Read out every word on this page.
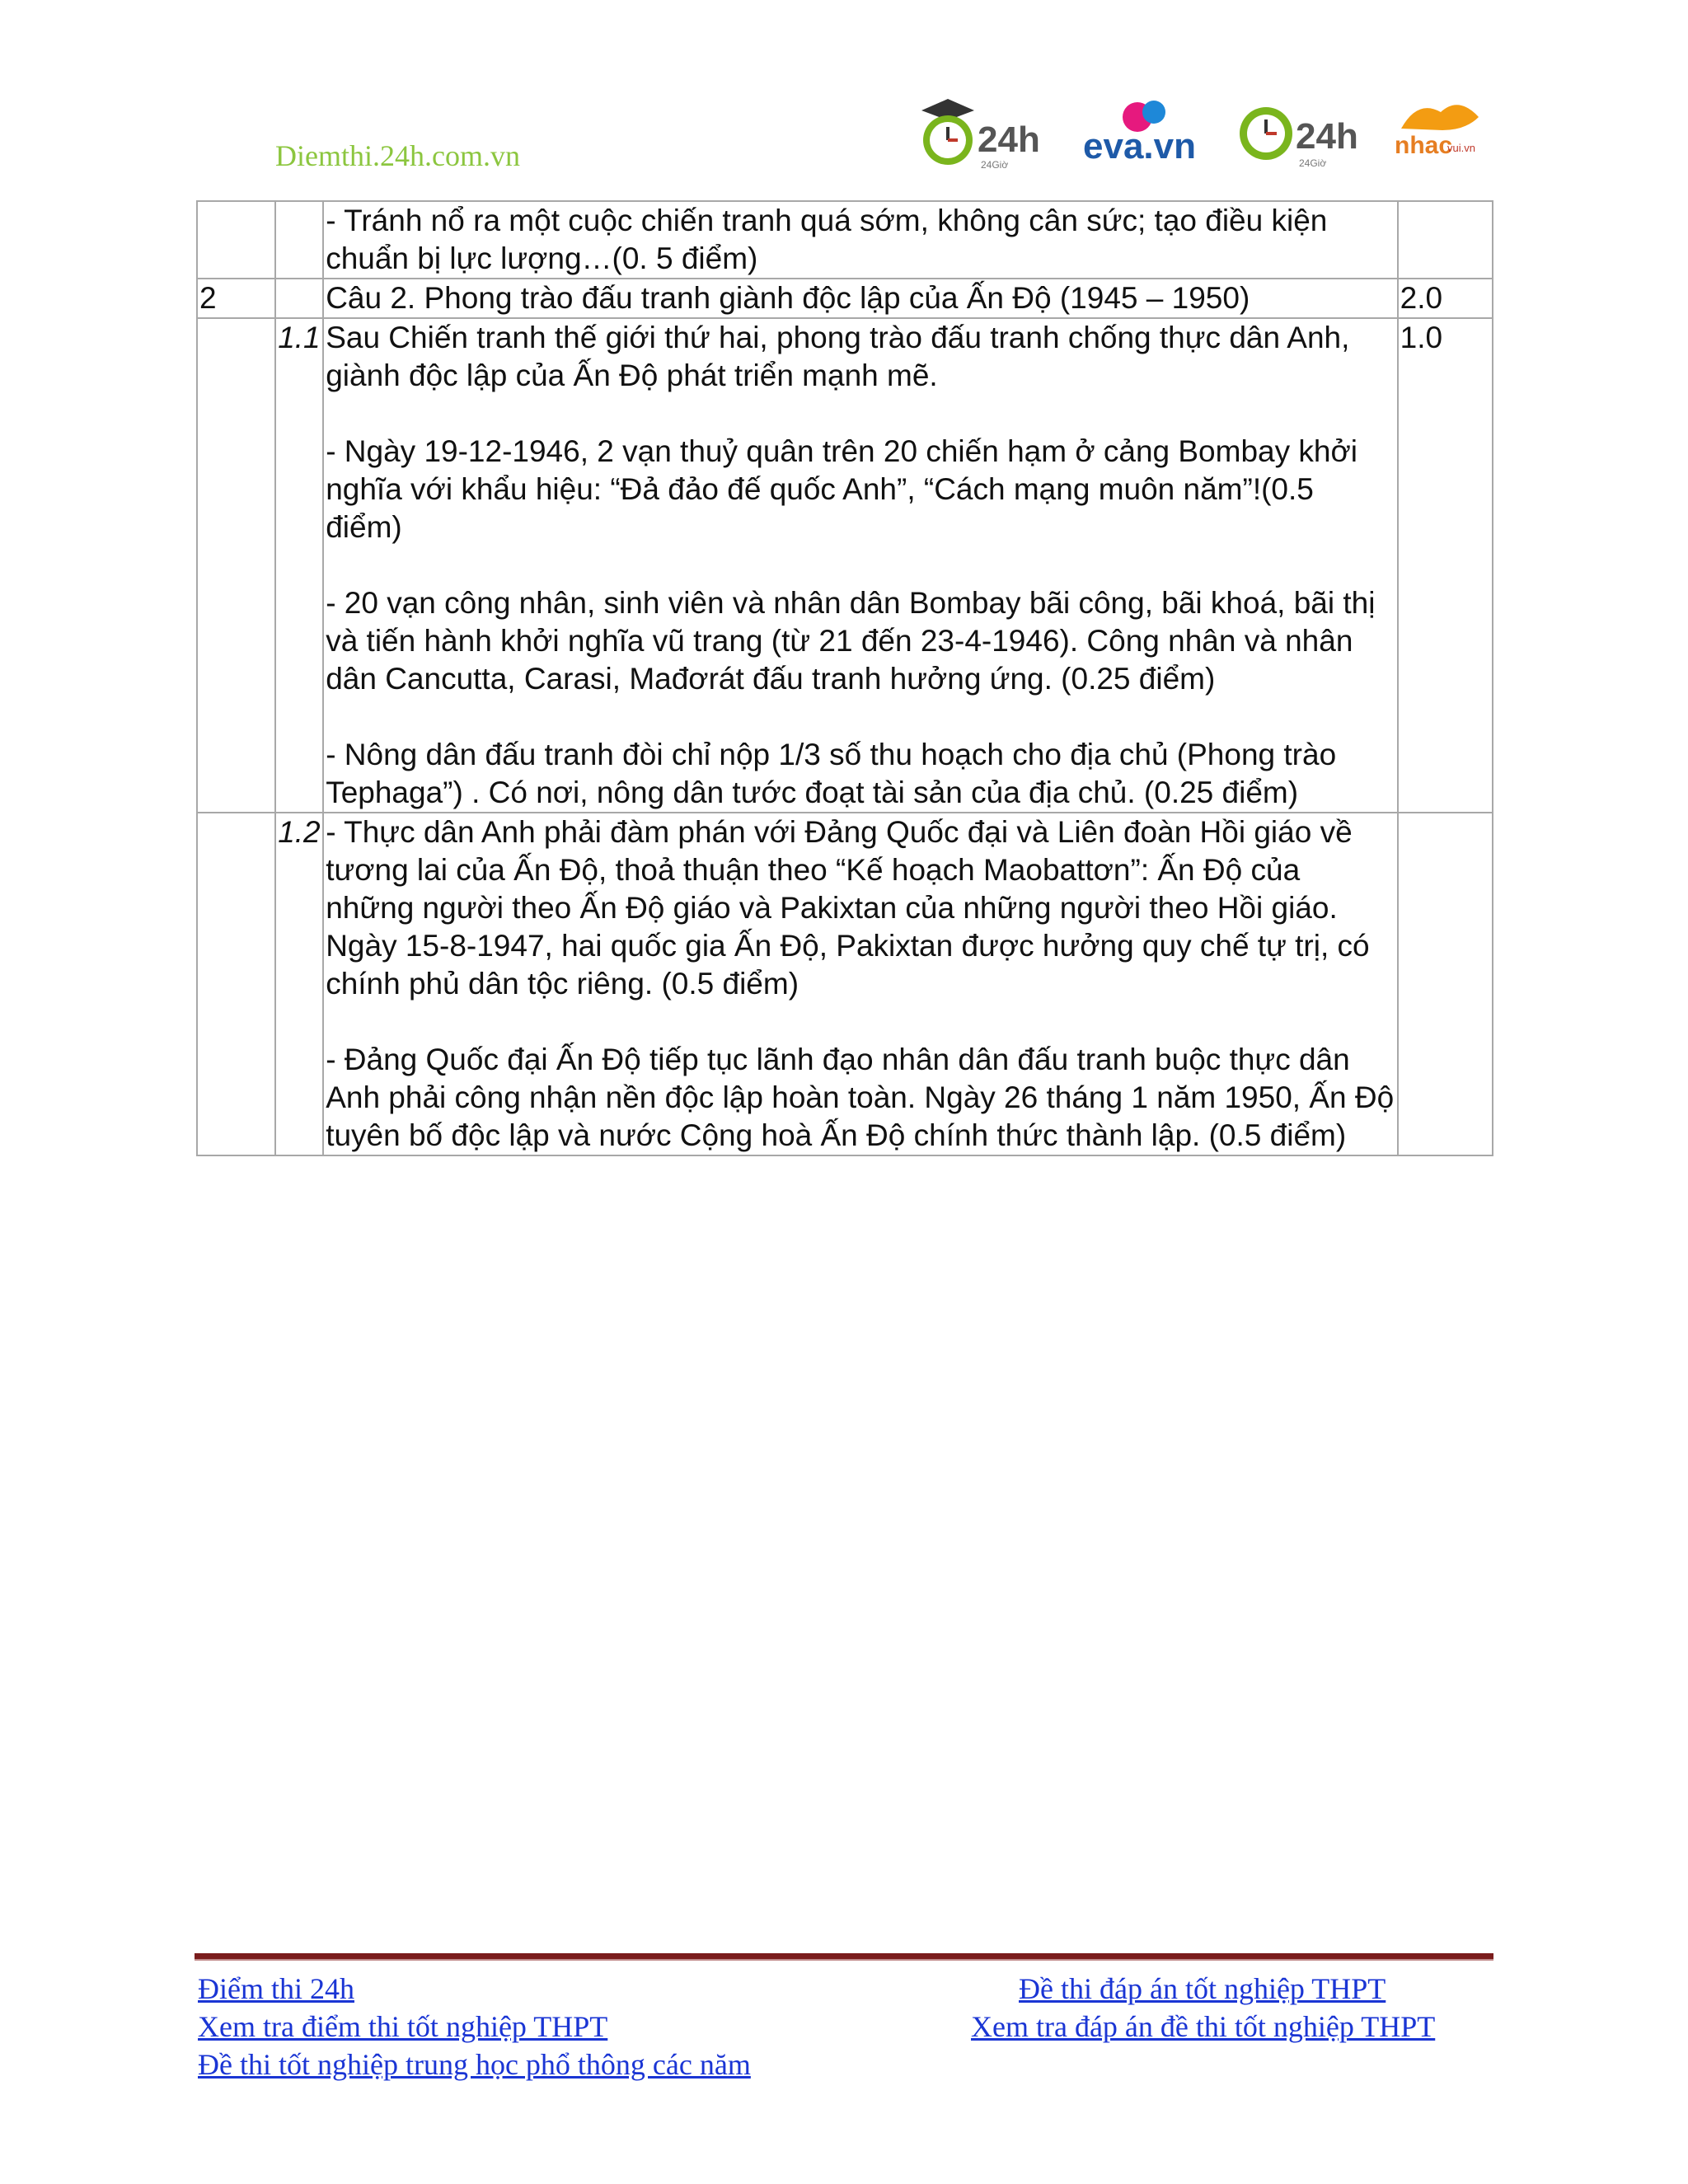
Diemthi.24h.com.vn	24h
24Giờ eva.vn	24h
24Giờ
nhac
vui.vn

		- Tránh nổ ra một cuộc chiến tranh quá sớm, không cân sức; tạo điều kiện chuẩn bị lực lượng…(0. 5 điểm)	

2		Câu 2. Phong trào đấu tranh giành độc lập của Ấn Độ (1945 – 1950)	2.0
	1.1	Sau Chiến tranh thế giới thứ hai, phong trào đấu tranh chống thực dân Anh, giành độc lập của Ấn Độ phát triển mạnh mẽ.

- Ngày 19-12-1946, 2 vạn thuỷ quân trên 20 chiến hạm ở cảng Bombay khởi nghĩa với khẩu hiệu: “Đả đảo đế quốc Anh”, “Cách mạng muôn năm”!(0.5 điểm)

- 20 vạn công nhân, sinh viên và nhân dân Bombay bãi công, bãi khoá, bãi thị và tiến hành khởi nghĩa vũ trang (từ 21 đến 23-4-1946). Công nhân và nhân dân Cancutta, Carasi, Mađơrát đấu tranh hưởng ứng. (0.25 điểm)

- Nông dân đấu tranh đòi chỉ nộp 1/3 số thu hoạch cho địa chủ (Phong trào Tephaga”) . Có nơi, nông dân tước đoạt tài sản của địa chủ. (0.25 điểm)	1.0
	1.2	- Thực dân Anh phải đàm phán với Đảng Quốc đại và Liên đoàn Hồi giáo về tương lai của Ấn Độ, thoả thuận theo “Kế hoạch Maobattơn”: Ấn Độ của những người theo Ấn Độ giáo và Pakixtan của những người theo Hồi giáo. Ngày 15-8-1947, hai quốc gia Ấn Độ, Pakixtan được hưởng quy chế tự trị, có chính phủ dân tộc riêng. (0.5 điểm)

- Đảng Quốc đại Ấn Độ tiếp tục lãnh đạo nhân dân đấu tranh buộc thực dân Anh phải công nhận nền độc lập hoàn toàn. Ngày 26 tháng 1 năm 1950, Ấn Độ tuyên bố độc lập và nước Cộng hoà Ấn Độ chính thức thành lập. (0.5 điểm)	

Điểm thi 24h	Đề thi đáp án tốt nghiệp THPT
Xem tra điểm thi tốt nghiệp THPT	Xem tra đáp án đề thi tốt nghiệp THPT
Đề thi tốt nghiệp trung học phổ thông các năm
